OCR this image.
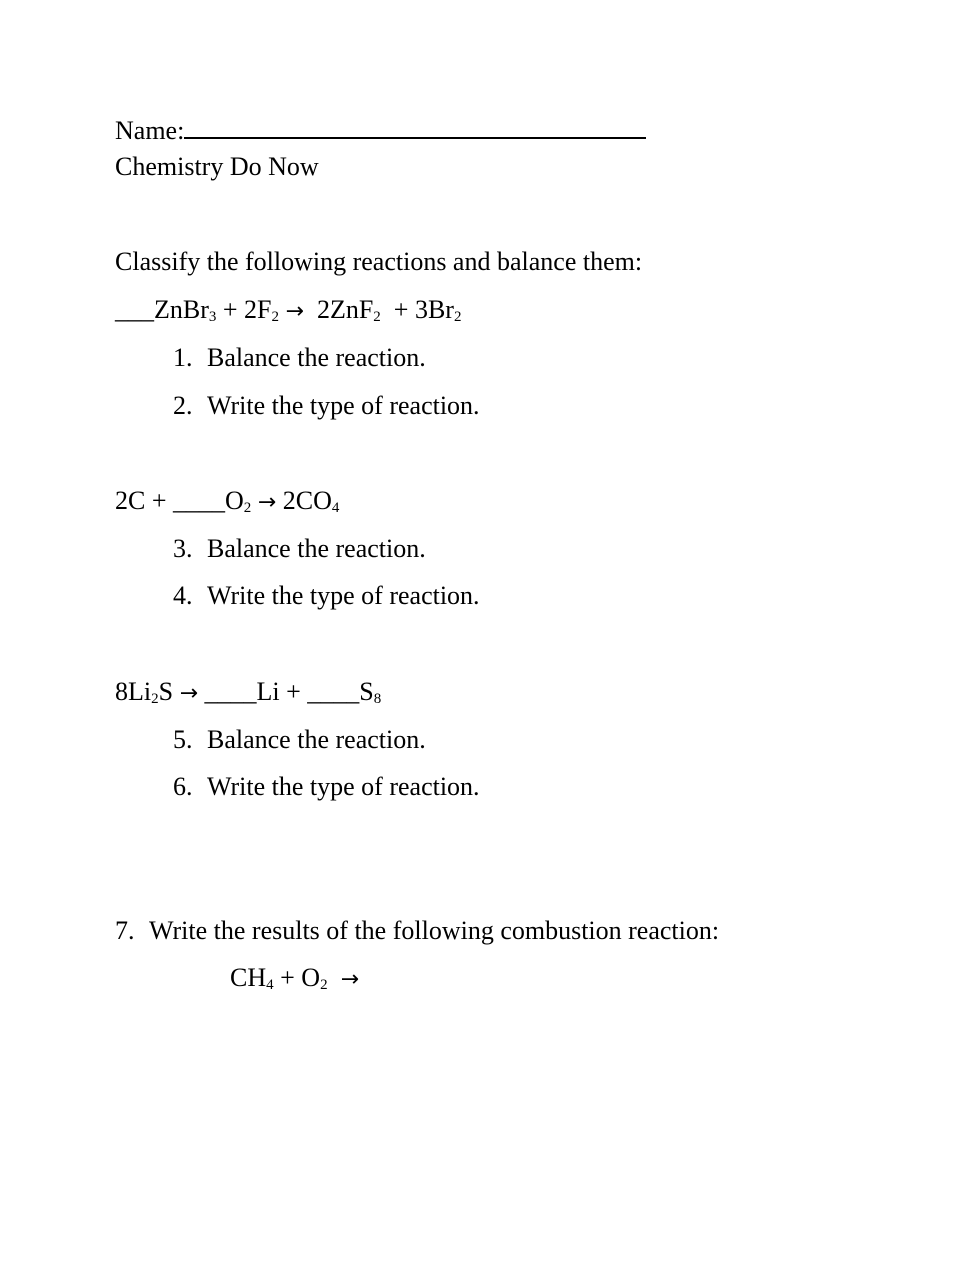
Name:
Chemistry Do Now
Classify the following reactions and balance them:
___ZnBr$_3$ + $2F_2 \to 2ZnF_2 + 3Br_2$
1. Balance the reaction.
2. Write the type of reaction.
$2C + \_\_\_\_O_2 \to 2CO_4$
3. Balance the reaction.
4. Write the type of reaction.
$8Li_2S$ → ____Li + $\_\_\_\_S_8$
5. Balance the reaction.
6. Write the type of reaction.
7. Write the results of the following combustion reaction:
$CH_4 + O_2$ →
